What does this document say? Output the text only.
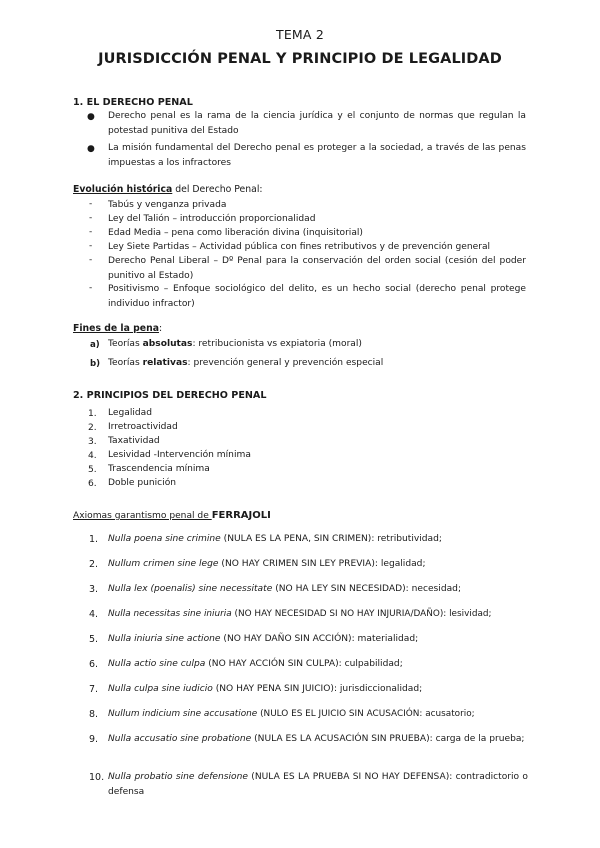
TEMA 2
JURISDICCIÓN PENAL Y PRINCIPIO DE LEGALIDAD
1. EL DERECHO PENAL
● Derecho penal es la rama de la ciencia jurídica y el conjunto de normas que regulan la potestad punitiva del Estado
● La misión fundamental del Derecho penal es proteger a la sociedad, a través de las penas impuestas a los infractores
Evolución histórica del Derecho Penal:
- Tabús y venganza privada
- Ley del Talión – introducción proporcionalidad
- Edad Media – pena como liberación divina (inquisitorial)
- Ley Siete Partidas – Actividad pública con fines retributivos y de prevención general
- Derecho Penal Liberal – Dº Penal para la conservación del orden social (cesión del poder punitivo al Estado)
- Positivismo – Enfoque sociológico del delito, es un hecho social (derecho penal protege individuo infractor)
Fines de la pena:
a) Teorías absolutas: retribucionista vs expiatoria (moral)
b) Teorías relativas: prevención general y prevención especial
2. PRINCIPIOS DEL DERECHO PENAL
1. Legalidad
2. Irretroactividad
3. Taxatividad
4. Lesividad -Intervención mínima
5. Trascendencia mínima
6. Doble punición
Axiomas garantismo penal de FERRAJOLI
1.	Nulla poena sine crimine (NULA ES LA PENA, SIN CRIMEN): retributividad;
2.	Nullum crimen sine lege (NO HAY CRIMEN SIN LEY PREVIA): legalidad;
3.	Nulla lex (poenalis) sine necessitate (NO HA LEY SIN NECESIDAD): necesidad;
4.	Nulla necessitas sine iniuria (NO HAY NECESIDAD SI NO HAY INJURIA/DAÑO): lesividad;
5.	Nulla iniuria sine actione (NO HAY DAÑO SIN ACCIÓN): materialidad;
6.	Nulla actio sine culpa (NO HAY ACCIÓN SIN CULPA): culpabilidad;
7.	Nulla culpa sine iudicio (NO HAY PENA SIN JUICIO): jurisdiccionalidad;
8.	Nullum indicium sine accusatione (NULO ES EL JUICIO SIN ACUSACIÓN: acusatorio;
9.	Nulla accusatio sine probatione (NULA ES LA ACUSACIÓN SIN PRUEBA): carga de la prueba;
10. Nulla probatio sine defensione (NULA ES LA PRUEBA SI NO HAY DEFENSA): contradictorio o defensa
